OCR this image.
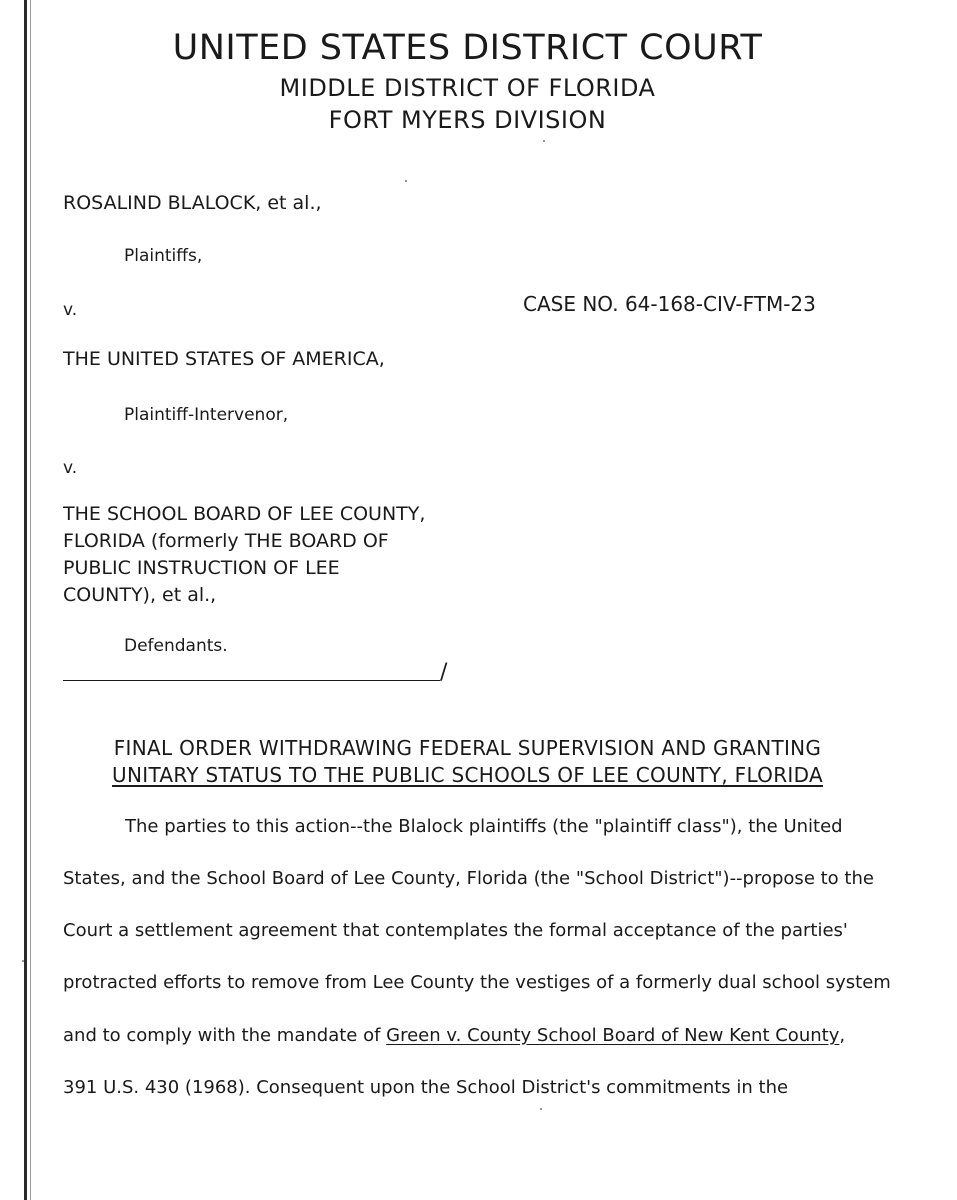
UNITED STATES DISTRICT COURT
MIDDLE DISTRICT OF FLORIDA
FORT MYERS DIVISION
ROSALIND BLALOCK, et al.,
Plaintiffs,
v.	CASE NO. 64-168-CIV-FTM-23
THE UNITED STATES OF AMERICA,
Plaintiff-Intervenor,
v.
THE SCHOOL BOARD OF LEE COUNTY,
FLORIDA (formerly THE BOARD OF
PUBLIC INSTRUCTION OF LEE
COUNTY), et al.,
Defendants.
/
FINAL ORDER WITHDRAWING FEDERAL SUPERVISION AND GRANTING
UNITARY STATUS TO THE PUBLIC SCHOOLS OF LEE COUNTY, FLORIDA
The parties to this action--the Blalock plaintiffs (the "plaintiff class"), the United
States, and the School Board of Lee County, Florida (the "School District")--propose to the
Court a settlement agreement that contemplates the formal acceptance of the parties'
protracted efforts to remove from Lee County the vestiges of a formerly dual school system
and to comply with the mandate of Green v. County School Board of New Kent County,
391 U.S. 430 (1968). Consequent upon the School District's commitments in the
